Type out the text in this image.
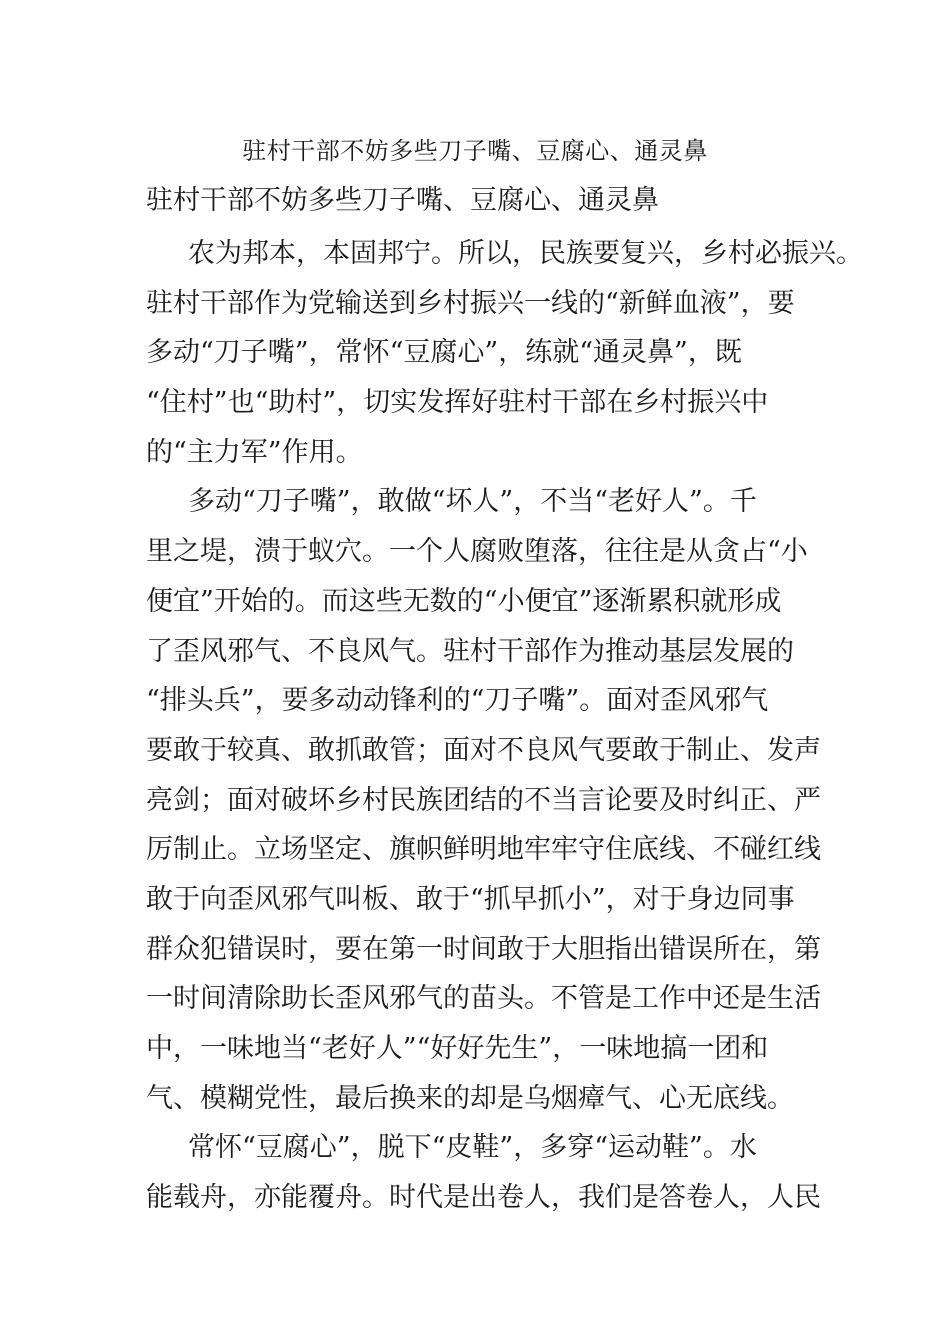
驻村干部不妨多些刀子嘴、豆腐心、通灵鼻
驻村干部不妨多些刀子嘴、豆腐心、通灵鼻
农为邦本，本固邦宁。所以，民族要复兴，乡村必振兴。
驻村干部作为党输送到乡村振兴一线的“新鲜血液”，要
多动“刀子嘴”，常怀“豆腐心”，练就“通灵鼻”，既
“住村”也“助村”，切实发挥好驻村干部在乡村振兴中
的“主力军”作用。
多动“刀子嘴”，敢做“坏人”，不当“老好人”。千
里之堤，溃于蚁穴。一个人腐败堕落，往往是从贪占“小
便宜”开始的。而这些无数的“小便宜”逐渐累积就形成
了歪风邪气、不良风气。驻村干部作为推动基层发展的
“排头兵”，要多动动锋利的“刀子嘴”。面对歪风邪气
要敢于较真、敢抓敢管；面对不良风气要敢于制止、发声
亮剑；面对破坏乡村民族团结的不当言论要及时纠正、严
厉制止。立场坚定、旗帜鲜明地牢牢守住底线、不碰红线
敢于向歪风邪气叫板、敢于“抓早抓小”，对于身边同事
群众犯错误时，要在第一时间敢于大胆指出错误所在，第
一时间清除助长歪风邪气的苗头。不管是工作中还是生活
中，一味地当“老好人”“好好先生”，一味地搞一团和
气、模糊党性，最后换来的却是乌烟瘴气、心无底线。
常怀“豆腐心”，脱下“皮鞋”，多穿“运动鞋”。水
能载舟，亦能覆舟。时代是出卷人，我们是答卷人，人民
